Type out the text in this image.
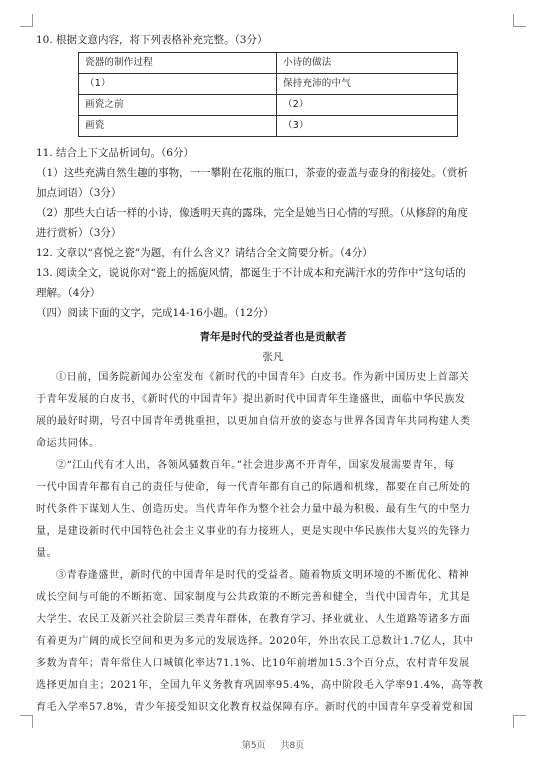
10. 根据文意内容，将下列表格补充完整。（3分）
瓷器的制作过程	小诗的做法
（1）	保持充沛的中气
画瓷之前	（2）
画瓷	（3）
11. 结合上下文品析词句。（6分）
（1）这些充满自然生趣的事物，一一攀附在花瓶的瓶口，茶壶的壶盖与壶身的衔接处。（赏析
加点词语）（3分）
（2）那些大白话一样的小诗，像透明天真的露珠，完全是她当日心情的写照。（从修辞的角度
进行赏析）（3分）
12. 文章以“喜悦之瓷”为题，有什么含义？请结合全文简要分析。（4分）
13. 阅读全文，说说你对“瓷上的摇旎风情，都诞生于不计成本和充满汗水的劳作中”这句话的
理解。（4分）
（四）阅读下面的文字，完成14-16小题。（12分）
青年是时代的受益者也是贡献者
张凡
①日前，国务院新闻办公室发布《新时代的中国青年》白皮书。作为新中国历史上首部关
于青年发展的白皮书，《新时代的中国青年》提出新时代中国青年生逢盛世，面临中华民族发
展的最好时期，号召中国青年勇挑重担，以更加自信开放的姿态与世界各国青年共同构建人类
命运共同体。
②“江山代有才人出，各领风骚数百年。”社会进步离不开青年，国家发展需要青年，每
一代中国青年都有自己的责任与使命，每一代青年都有自己的际遇和机缘，都要在自己所处的
时代条件下谋划人生、创造历史。当代青年作为整个社会力量中最为积极、最有生气的中坚力
量，是建设新时代中国特色社会主义事业的有力接班人，更是实现中华民族伟大复兴的先锋力
量。
③青春逢盛世，新时代的中国青年是时代的受益者。随着物质文明环境的不断优化、精神
成长空间与可能的不断拓宽、国家制度与公共政策的不断完善和健全，当代中国青年，尤其是
大学生、农民工及新兴社会阶层三类青年群体，在教育学习、择业就业、人生道路等诸多方面
有着更为广阔的成长空间和更为多元的发展选择。2020年，外出农民工总数计1.7亿人，其中
多数为青年；青年常住人口城镇化率达71.1%、比10年前增加15.3个百分点，农村青年发展
选择更加自主；2021年，全国九年义务教育巩固率95.4%，高中阶段毛入学率91.4%，高等教
育毛入学率57.8%，青少年接受知识文化教育权益保障有序。新时代的中国青年享受着党和国
第5页 共8页
